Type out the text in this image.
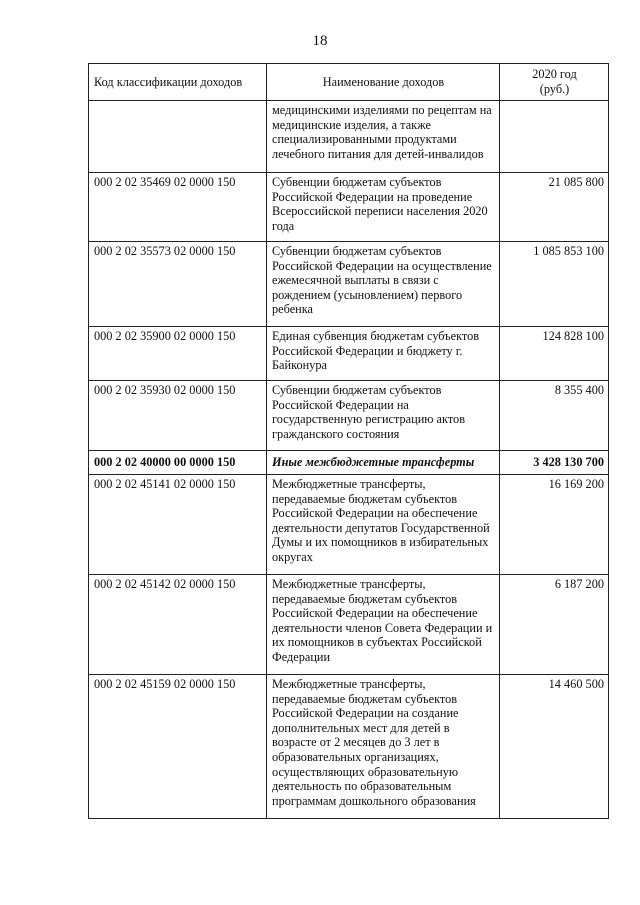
18
Код классификации доходов	Наименование доходов	2020 год
(руб.)

	медицинскими изделиями по рецептам на медицинские изделия, а также специализированными продуктами лечебного питания для детей-инвалидов	
000 2 02 35469 02 0000 150	Субвенции бюджетам субъектов Российской Федерации на проведение Всероссийской переписи населения 2020 года	21 085 800
000 2 02 35573 02 0000 150	Субвенции бюджетам субъектов Российской Федерации на осуществление ежемесячной выплаты в связи с рождением (усыновлением) первого ребенка	1 085 853 100
000 2 02 35900 02 0000 150	Единая субвенция бюджетам субъектов Российской Федерации и бюджету г. Байконура	124 828 100
000 2 02 35930 02 0000 150	Субвенции бюджетам субъектов Российской Федерации на государственную регистрацию актов гражданского состояния	8 355 400
000 2 02 40000 00 0000 150	Иные межбюджетные трансферты	3 428 130 700
000 2 02 45141 02 0000 150	Межбюджетные трансферты, передаваемые бюджетам субъектов Российской Федерации на обеспечение деятельности депутатов Государственной Думы и их помощников в избирательных округах	16 169 200
000 2 02 45142 02 0000 150	Межбюджетные трансферты, передаваемые бюджетам субъектов Российской Федерации на обеспечение деятельности членов Совета Федерации и их помощников в субъектах Российской Федерации	6 187 200
000 2 02 45159 02 0000 150	Межбюджетные трансферты, передаваемые бюджетам субъектов Российской Федерации на создание дополнительных мест для детей в возрасте от 2 месяцев до 3 лет в образовательных организациях, осуществляющих образовательную деятельность по образовательным программам дошкольного образования	14 460 500
